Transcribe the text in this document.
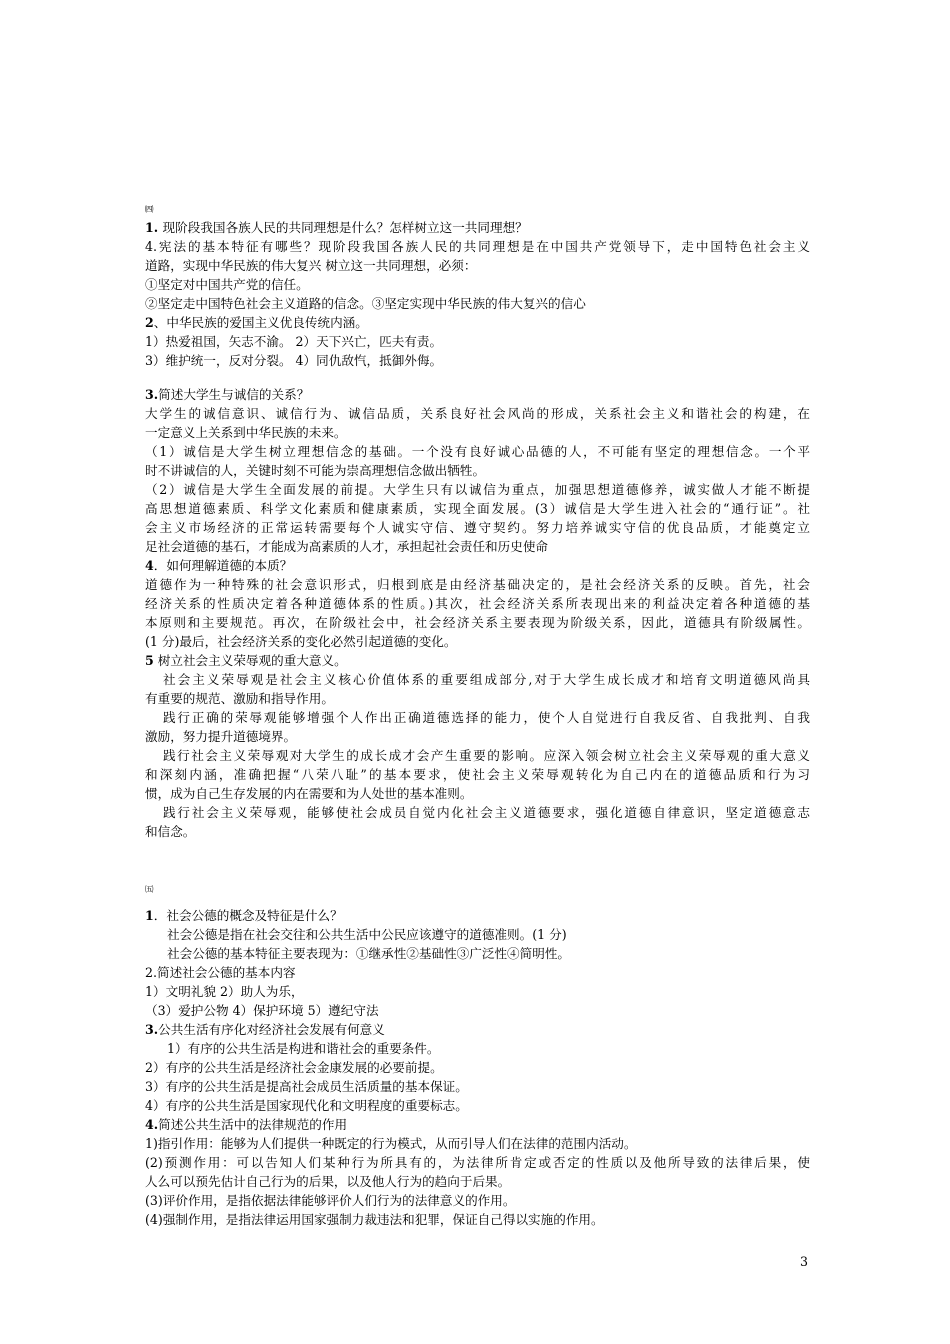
㈣
1. 现阶段我国各族人民的共同理想是什么？怎样树立这一共同理想？
4.宪法的基本特征有哪些？现阶段我国各族人民的共同理想是在中国共产党领导下，走中国特色社会主义
道路，实现中华民族的伟大复兴 树立这一共同理想，必须：
①坚定对中国共产党的信任。
②坚定走中国特色社会主义道路的信念。③坚定实现中华民族的伟大复兴的信心
2、中华民族的爱国主义优良传统内涵。
1）热爱祖国，矢志不渝。 2）天下兴亡，匹夫有责。
3）维护统一，反对分裂。 4）同仇敌忾，抵御外侮。
3.简述大学生与诚信的关系？
大学生的诚信意识、诚信行为、诚信品质，关系良好社会风尚的形成，关系社会主义和谐社会的构建，在
一定意义上关系到中华民族的未来。
（1）诚信是大学生树立理想信念的基础。一个没有良好诚心品德的人，不可能有坚定的理想信念。一个平
时不讲诚信的人，关键时刻不可能为崇高理想信念做出牺牲。
（2）诚信是大学生全面发展的前提。大学生只有以诚信为重点，加强思想道德修养，诚实做人才能不断提
高思想道德素质、科学文化素质和健康素质，实现全面发展。(3）诚信是大学生进入社会的“通行证”。社
会主义市场经济的正常运转需要每个人诚实守信、遵守契约。努力培养诚实守信的优良品质，才能奠定立
足社会道德的基石，才能成为高素质的人才，承担起社会责任和历史使命
4．如何理解道德的本质？
道德作为一种特殊的社会意识形式，归根到底是由经济基础决定的，是社会经济关系的反映。首先，社会
经济关系的性质决定着各种道德体系的性质。)其次，社会经济关系所表现出来的利益决定着各种道德的基
本原则和主要规范。再次，在阶级社会中，社会经济关系主要表现为阶级关系，因此，道德具有阶级属性。
(1 分)最后，社会经济关系的变化必然引起道德的变化。
5 树立社会主义荣辱观的重大意义。
社会主义荣辱观是社会主义核心价值体系的重要组成部分,对于大学生成长成才和培育文明道德风尚具
有重要的规范、激励和指导作用。
践行正确的荣辱观能够增强个人作出正确道德选择的能力，使个人自觉进行自我反省、自我批判、自我
激励，努力提升道德境界。
践行社会主义荣辱观对大学生的成长成才会产生重要的影响。应深入领会树立社会主义荣辱观的重大意义
和深刻内涵，准确把握“八荣八耻”的基本要求，使社会主义荣辱观转化为自己内在的道德品质和行为习
惯，成为自己生存发展的内在需要和为人处世的基本准则。
践行社会主义荣辱观，能够使社会成员自觉内化社会主义道德要求，强化道德自律意识，坚定道德意志
和信念。
㈤
1．社会公德的概念及特征是什么？
社会公德是指在社会交往和公共生活中公民应该遵守的道德准则。(1 分)
社会公德的基本特征主要表现为：①继承性②基础性③广泛性④简明性。
2.简述社会公德的基本内容
1）文明礼貌 2）助人为乐，
（3）爱护公物 4）保护环境 5）遵纪守法
3.公共生活有序化对经济社会发展有何意义
1）有序的公共生活是构进和谐社会的重要条件。
2）有序的公共生活是经济社会金康发展的必要前提。
3）有序的公共生活是提高社会成员生活质量的基本保证。
4）有序的公共生活是国家现代化和文明程度的重要标志。
4.简述公共生活中的法律规范的作用
1)指引作用：能够为人们提供一种既定的行为模式，从而引导人们在法律的范围内活动。
(2)预测作用：可以告知人们某种行为所具有的，为法律所肯定或否定的性质以及他所导致的法律后果，使
人么可以预先估计自己行为的后果，以及他人行为的趋向于后果。
(3)评价作用，是指依据法律能够评价人们行为的法律意义的作用。
(4)强制作用，是指法律运用国家强制力裁违法和犯罪，保证自己得以实施的作用。
3
